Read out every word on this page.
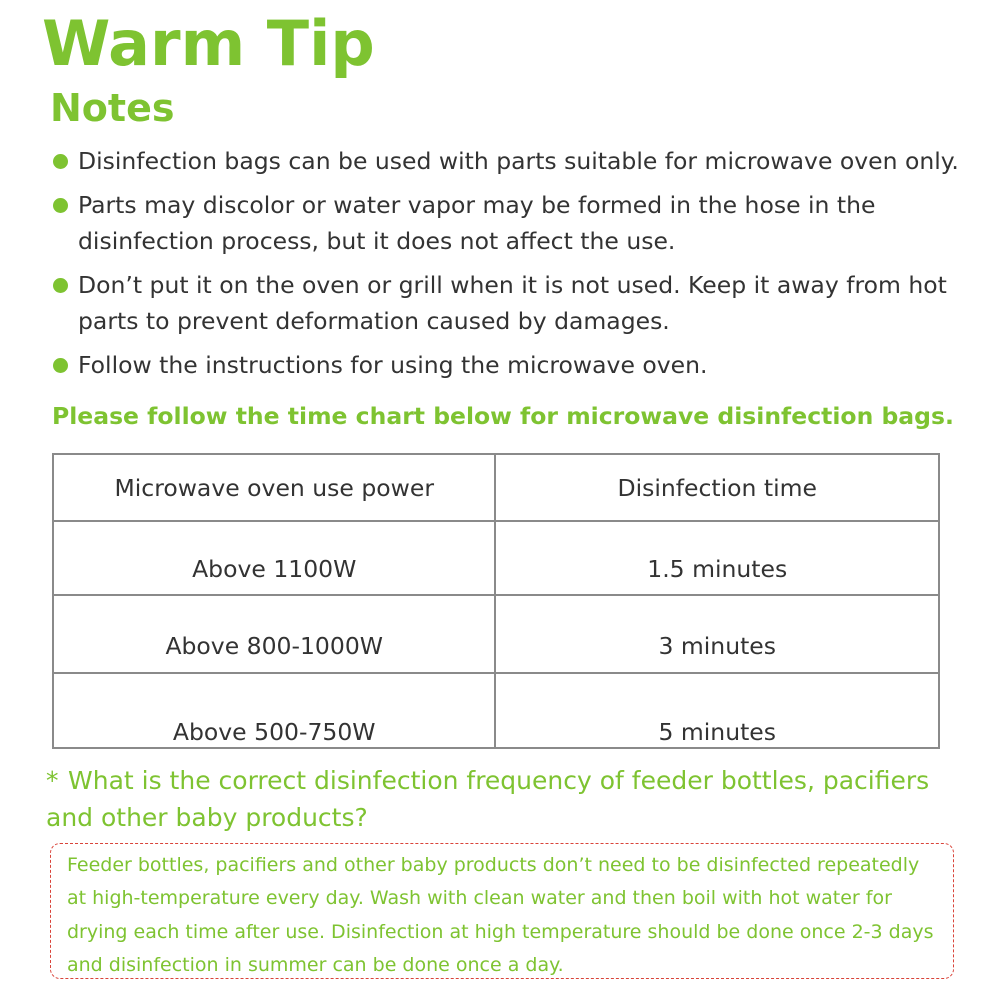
Warm Tip
Notes
Disinfection bags can be used with parts suitable for microwave oven only.
Parts may discolor or water vapor may be formed in the hose in the disinfection process, but it does not affect the use.
Don’t put it on the oven or grill when it is not used. Keep it away from hot parts to prevent deformation caused by damages.
Follow the instructions for using the microwave oven.

Please follow the time chart below for microwave disinfection bags.

Microwave oven use power	Disinfection time
Above 1100W	1.5 minutes
Above 800-1000W	3 minutes
Above 500-750W	5 minutes

* What is the correct disinfection frequency of feeder bottles, pacifiers and other baby products?

Feeder bottles, pacifiers and other baby products don’t need to be disinfected repeatedly at high-temperature every day. Wash with clean water and then boil with hot water for drying each time after use. Disinfection at high temperature should be done once 2-3 days and disinfection in summer can be done once a day.
